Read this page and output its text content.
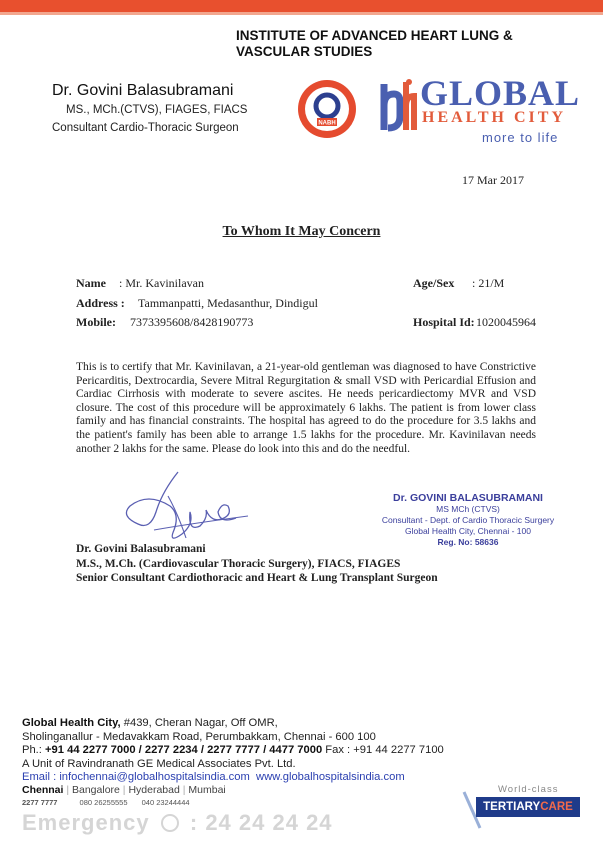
INSTITUTE OF ADVANCED HEART LUNG & VASCULAR STUDIES
Dr. Govini Balasubramani
MS., MCh.(CTVS), FIAGES, FIACS
Consultant Cardio-Thoracic Surgeon	NABH
GLOBAL
HEALTH CITY
more to life
17 Mar 2017
To Whom It May Concern
Name : Mr. Kavinilavan	Age/Sex : 21/M
Address : Tammanpatti, Medasanthur, Dindigul
Mobile: 7373395608/8428190773	Hospital Id: 1020045964
This is to certify that Mr. Kavinilavan, a 21-year-old gentleman was diagnosed to have Constrictive Pericarditis, Dextrocardia, Severe Mitral Regurgitation & small VSD with Pericardial Effusion and Cardiac Cirrhosis with moderate to severe ascites. He needs pericardiectomy MVR and VSD closure. The cost of this procedure will be approximately 6 lakhs. The patient is from lower class family and has financial constraints. The hospital has agreed to do the procedure for 3.5 lakhs and the patient's family has been able to arrange 1.5 lakhs for the procedure. Mr. Kavinilavan needs another 2 lakhs for the same. Please do look into this and do the needful.
Dr. GOVINI BALASUBRAMANI
MS MCh (CTVS)
Consultant - Dept. of Cardio Thoracic Surgery
Global Health City, Chennai - 100
Reg. No: 58636
Dr. Govini Balasubramani
M.S., M.Ch. (Cardiovascular Thoracic Surgery), FIACS, FIAGES
Senior Consultant Cardiothoracic and Heart & Lung Transplant Surgeon
Global Health City, #439, Cheran Nagar, Off OMR,
Sholinganallur - Medavakkam Road, Perumbakkam, Chennai - 600 100
Ph.: +91 44 2277 7000 / 2277 2234 / 2277 7777 / 4477 7000 Fax : +91 44 2277 7100
A Unit of Ravindranath GE Medical Associates Pvt. Ltd.
Email : infochennai@globalhospitalsindia.com www.globalhospitalsindia.com
Chennai | Bangalore | Hyderabad | Mumbai
2277 7777	080 26255555 040 23244444
Emergency : 24 24 24 24
World-class
TERTIARYCARE
